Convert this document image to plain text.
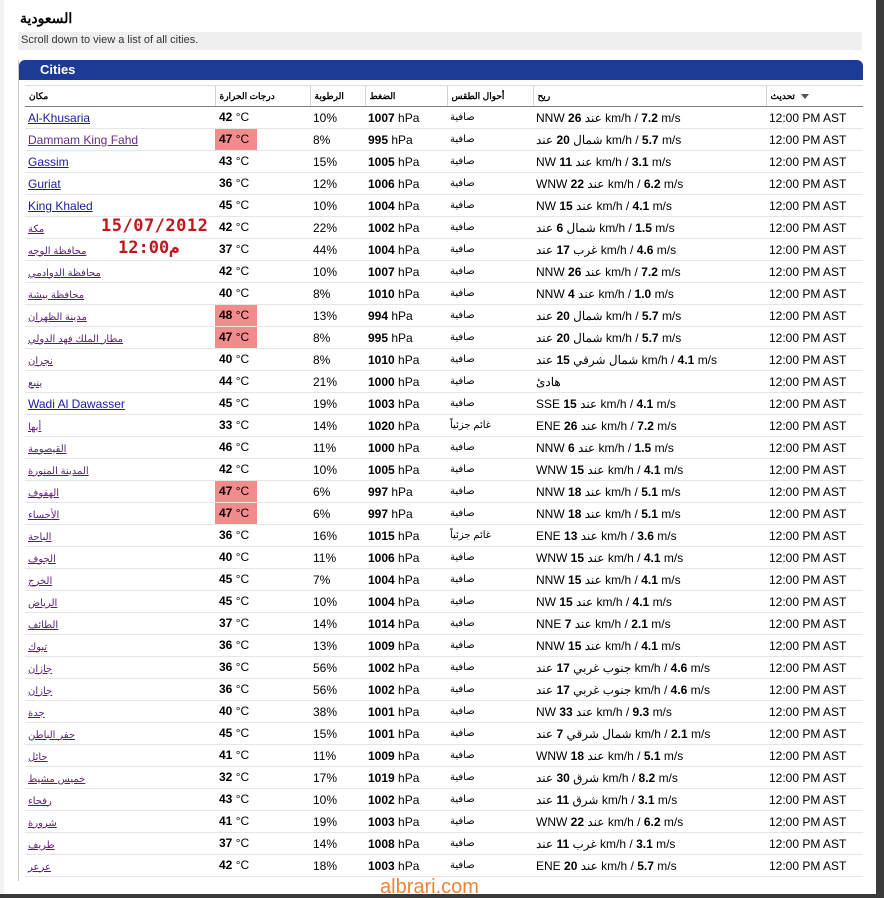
السعودية
Scroll down to view a list of all cities.
Cities
مكان	درجات الحرارة	الرطوبة	الضغط	أحوال الطقس	ريح	تحديث
Al-Khusaria	42 °C	10%	1007 hPa	صافية	NNW 26 عند km/h / 7.2 m/s	12:00 PM AST
Dammam King Fahd	47 °C	8%	995 hPa	صافية	شمال 20 عند km/h / 5.7 m/s	12:00 PM AST
Gassim	43 °C	15%	1005 hPa	صافية	NW 11 عند km/h / 3.1 m/s	12:00 PM AST
Guriat	36 °C	12%	1006 hPa	صافية	WNW 22 عند km/h / 6.2 m/s	12:00 PM AST
King Khaled	45 °C	10%	1004 hPa	صافية	NW 15 عند km/h / 4.1 m/s	12:00 PM AST
مكة	42 °C	22%	1002 hPa	صافية	شمال 6 عند km/h / 1.5 m/s	12:00 PM AST
محافظة الوجه	37 °C	44%	1004 hPa	صافية	غرب 17 عند km/h / 4.6 m/s	12:00 PM AST
محافظة الدوادمي	42 °C	10%	1007 hPa	صافية	NNW 26 عند km/h / 7.2 m/s	12:00 PM AST
محافظة بيشة	40 °C	8%	1010 hPa	صافية	NNW 4 عند km/h / 1.0 m/s	12:00 PM AST
مدينة الظهران	48 °C	13%	994 hPa	صافية	شمال 20 عند km/h / 5.7 m/s	12:00 PM AST
مطار الملك فهد الدولي	47 °C	8%	995 hPa	صافية	شمال 20 عند km/h / 5.7 m/s	12:00 PM AST
نجران	40 °C	8%	1010 hPa	صافية	شمال شرقي 15 عند km/h / 4.1 m/s	12:00 PM AST
ينبع	44 °C	21%	1000 hPa	صافية	هادئ	12:00 PM AST
Wadi Al Dawasser	45 °C	19%	1003 hPa	صافية	SSE 15 عند km/h / 4.1 m/s	12:00 PM AST
أبها	33 °C	14%	1020 hPa	غائم جزئياً	ENE 26 عند km/h / 7.2 m/s	12:00 PM AST
القيصومة	46 °C	11%	1000 hPa	صافية	NNW 6 عند km/h / 1.5 m/s	12:00 PM AST
المدينة المنورة	42 °C	10%	1005 hPa	صافية	WNW 15 عند km/h / 4.1 m/s	12:00 PM AST
الهفوف	47 °C	6%	997 hPa	صافية	NNW 18 عند km/h / 5.1 m/s	12:00 PM AST
الأحساء	47 °C	6%	997 hPa	صافية	NNW 18 عند km/h / 5.1 m/s	12:00 PM AST
الباحة	36 °C	16%	1015 hPa	غائم جزئياً	ENE 13 عند km/h / 3.6 m/s	12:00 PM AST
الجوف	40 °C	11%	1006 hPa	صافية	WNW 15 عند km/h / 4.1 m/s	12:00 PM AST
الخرج	45 °C	7%	1004 hPa	صافية	NNW 15 عند km/h / 4.1 m/s	12:00 PM AST
الرياض	45 °C	10%	1004 hPa	صافية	NW 15 عند km/h / 4.1 m/s	12:00 PM AST
الطائف	37 °C	14%	1014 hPa	صافية	NNE 7 عند km/h / 2.1 m/s	12:00 PM AST
تبوك	36 °C	13%	1009 hPa	صافية	NNW 15 عند km/h / 4.1 m/s	12:00 PM AST
جازان	36 °C	56%	1002 hPa	صافية	جنوب غربي 17 عند km/h / 4.6 m/s	12:00 PM AST
جازان	36 °C	56%	1002 hPa	صافية	جنوب غربي 17 عند km/h / 4.6 m/s	12:00 PM AST
جدة	40 °C	38%	1001 hPa	صافية	NW 33 عند km/h / 9.3 m/s	12:00 PM AST
حفر الباطن	45 °C	15%	1001 hPa	صافية	شمال شرقي 7 عند km/h / 2.1 m/s	12:00 PM AST
حائل	41 °C	11%	1009 hPa	صافية	WNW 18 عند km/h / 5.1 m/s	12:00 PM AST
خميس مشيط	32 °C	17%	1019 hPa	صافية	شرق 30 عند km/h / 8.2 m/s	12:00 PM AST
رفحاء	43 °C	10%	1002 hPa	صافية	شرق 11 عند km/h / 3.1 m/s	12:00 PM AST
شرورة	41 °C	19%	1003 hPa	صافية	WNW 22 عند km/h / 6.2 m/s	12:00 PM AST
طريف	37 °C	14%	1008 hPa	صافية	غرب 11 عند km/h / 3.1 m/s	12:00 PM AST
عرعر	42 °C	18%	1003 hPa	صافية	ENE 20 عند km/h / 5.7 m/s	12:00 PM AST
15/07/2012
12:00م
albrari.com
